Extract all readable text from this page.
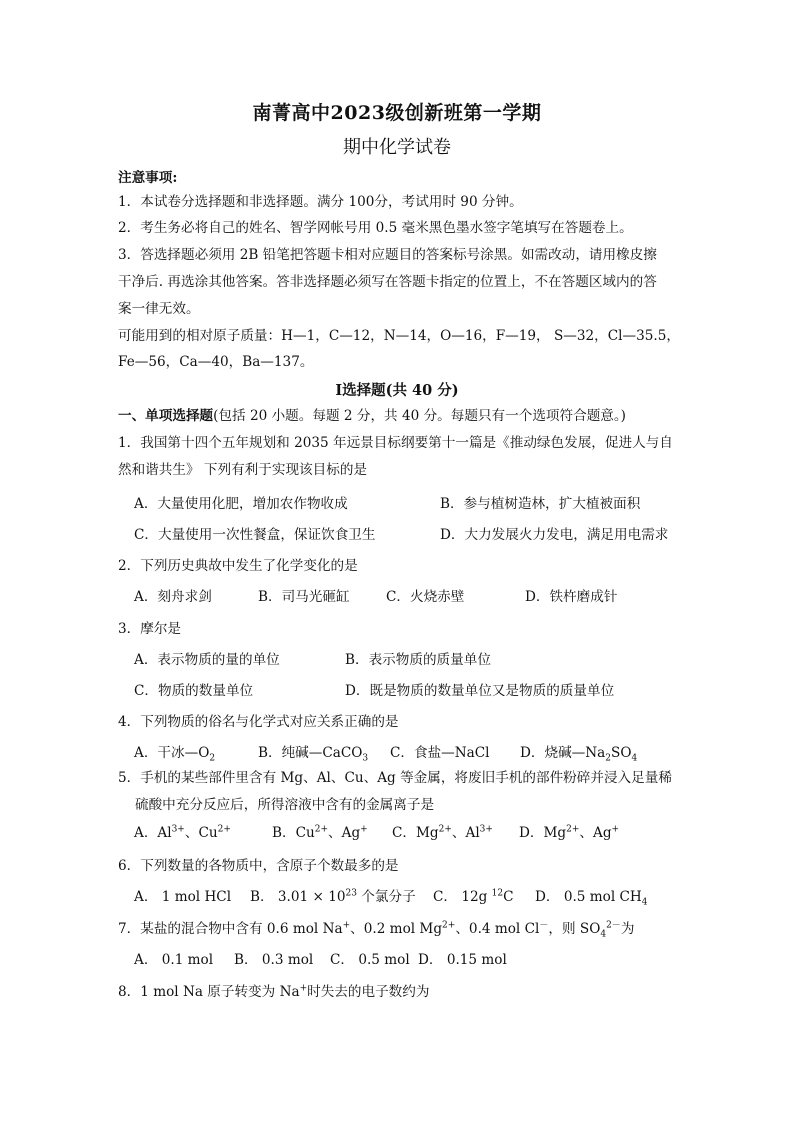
南菁高中2023级创新班第一学期
期中化学试卷
注意事项:
1．本试卷分选择题和非选择题。满分 100分，考试用时 90 分钟。
2．考生务必将自己的姓名、智学网帐号用 0.5 毫米黑色墨水签字笔填写在答题卷上。
3．答选择题必须用 2B 铅笔把答题卡相对应题目的答案标号涂黑。如需改动，请用橡皮擦
干净后. 再选涂其他答案。答非选择题必须写在答题卡指定的位置上，不在答题区域内的答
案一律无效。
可能用到的相对原子质量：H—1，C—12，N—14，O—16，F—19， S—32，Cl—35.5，
Fe—56，Ca—40，Ba—137。
Ⅰ选择题(共 40 分)
一、单项选择题(包括 20 小题。每题 2 分，共 40 分。每题只有一个选项符合题意。)
1．我国第十四个五年规划和 2035 年远景目标纲要第十一篇是《推动绿色发展，促进人与自
然和谐共生》 下列有利于实现该目标的是
A．大量使用化肥，增加农作物收成	B．参与植树造林，扩大植被面积
C．大量使用一次性餐盒，保证饮食卫生	D．大力发展火力发电，满足用电需求
2．下列历史典故中发生了化学变化的是
A．刻舟求剑	B．司马光砸缸	C．火烧赤壁	D．铁杵磨成针
3．摩尔是
A．表示物质的量的单位	B．表示物质的质量单位
C．物质的数量单位	D．既是物质的数量单位又是物质的质量单位
4．下列物质的俗名与化学式对应关系正确的是
A．干冰$—O_2$	B．纯碱—CaCO$_3$ C．食盐—NaCl D．烧碱$—Na_2SO_4$
5．手机的某些部件里含有 Mg、Al、Cu、Ag 等金属，将废旧手机的部件粉碎并浸入足量稀
硫酸中充分反应后，所得溶液中含有的金属离子是
A．$Al^{3+}$、$Cu^{2+}$	B．$Cu^{2+}$、Ag+ C．$Mg^{2+}$、$Al^{3+}$ D．$Mg^{2+}$、Ag+
6．下列数量的各物质中，含原子个数最多的是
A． 1 mol HCl B． $3.01 \times 10^{23}$ 个氯分子 C． 12g $^{12}$C D． 0.5 mol $CH_4$
7．某盐的混合物中含有 0.6 mol Na+、0.2 mol $Mg^{2+}$、0.4 mol Cl－，则 $SO_4^{2-}$为
A． 0.1 mol B． 0.3 mol C． 0.5 mol D． 0.15 mol
8．1 mol Na 原子转变为 Na+时失去的电子数约为
